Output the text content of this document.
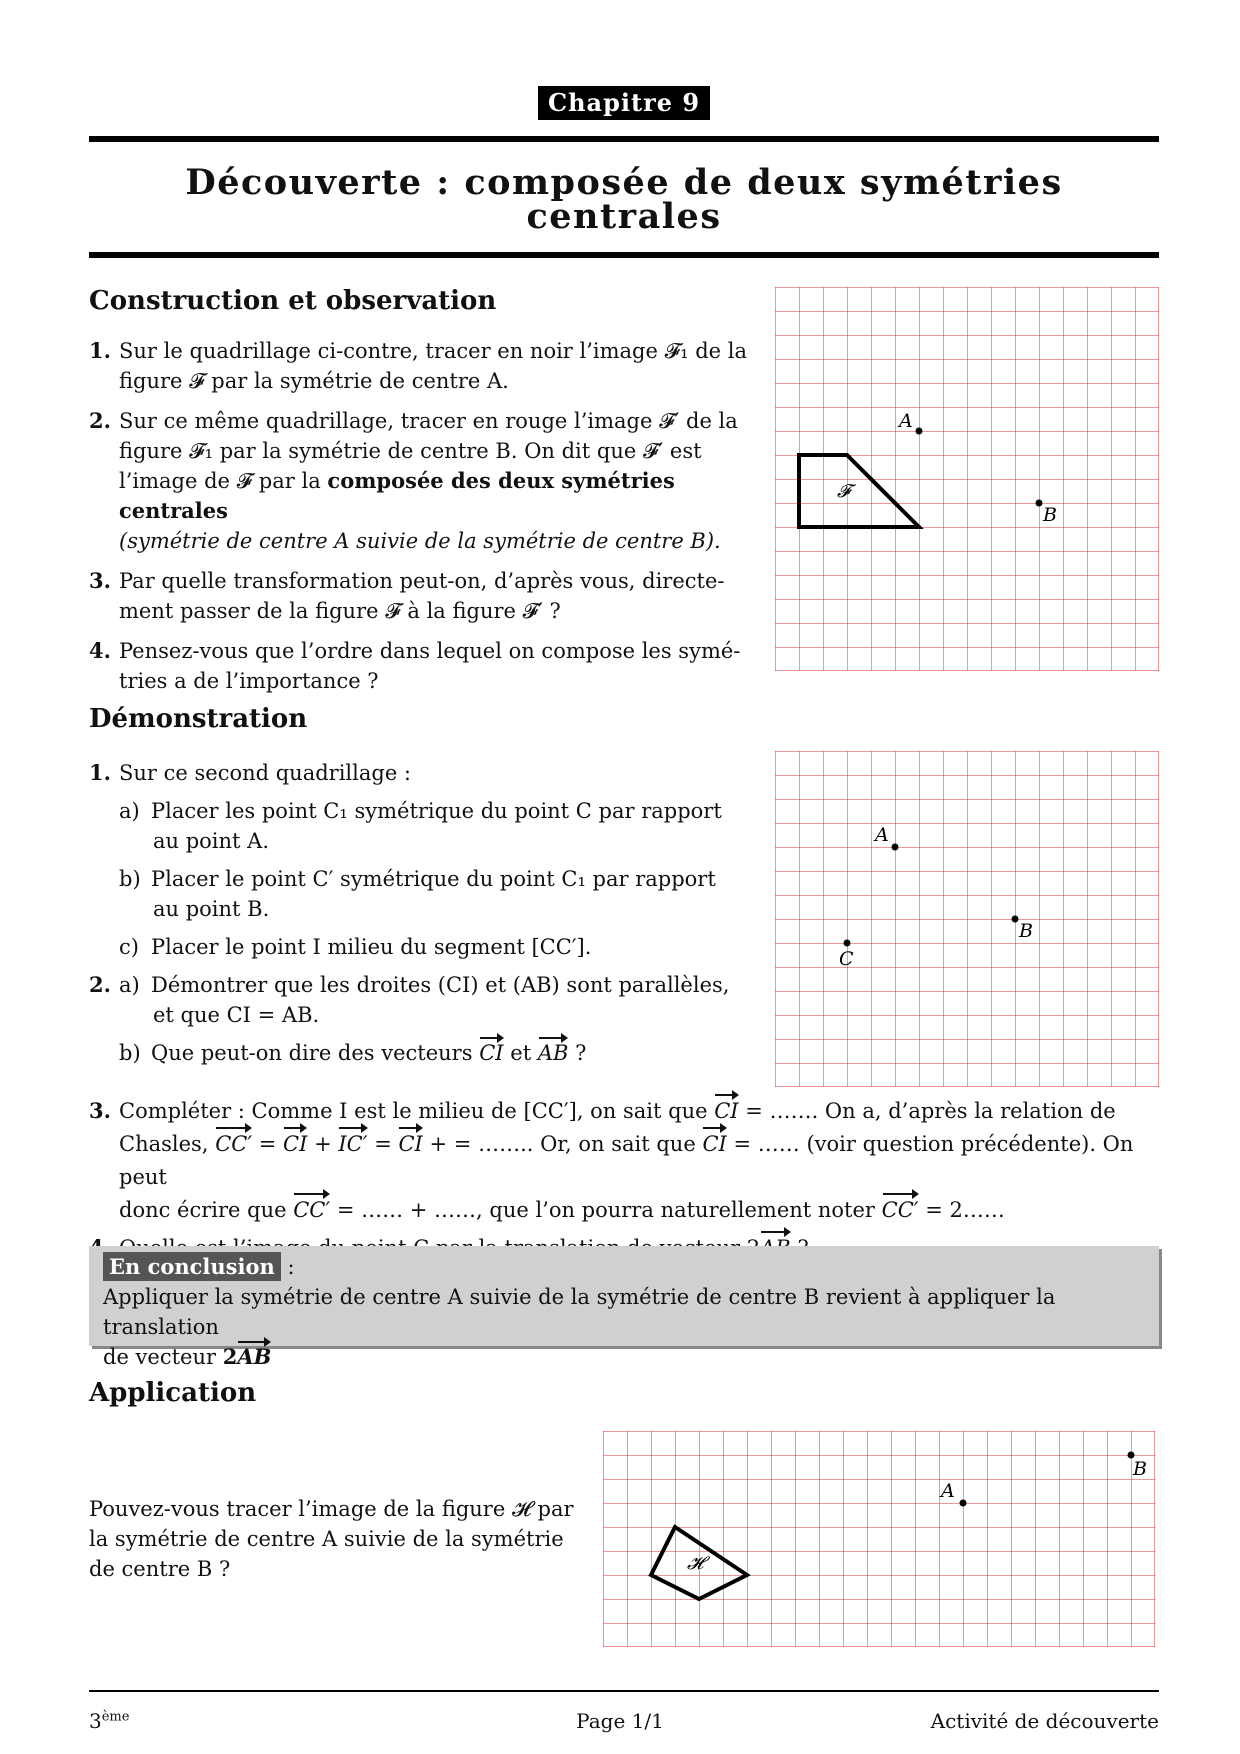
Chapitre 9
Découverte : composée de deux symétries
centrales
Construction et observation
1. Sur le quadrillage ci-contre, tracer en noir l’image 𝓕₁ de la
figure 𝓕 par la symétrie de centre A.
2. Sur ce même quadrillage, tracer en rouge l’image 𝓕′ de la
figure 𝓕₁ par la symétrie de centre B. On dit que 𝓕′ est
l’image de 𝓕 par la composée des deux symétries centrales
(symétrie de centre A suivie de la symétrie de centre B).
3. Par quelle transformation peut-on, d’après vous, directe-
ment passer de la figure 𝓕 à la figure 𝓕′ ?
4. Pensez-vous que l’ordre dans lequel on compose les symé-
tries a de l’importance ?
𝓕
A
B
Démonstration
1. Sur ce second quadrillage :
a) Placer les point C₁ symétrique du point C par rapport
au point A.
b) Placer le point C′ symétrique du point C₁ par rapport
au point B.
c) Placer le point I milieu du segment [CC′].
2. a) Démontrer que les droites (CI) et (AB) sont parallèles,
et que CI = AB.
b) Que peut-on dire des vecteurs CI et AB ?
A
B
C
3. Compléter : Comme I est le milieu de [CC′], on sait que CI = ……. On a, d’après la relation de
Chasles, CC′ = CI + IC′ = CI + = …….. Or, on sait que CI = …… (voir question précédente). On peut
donc écrire que CC′ = …… + ……, que l’on pourra naturellement noter CC′ = 2……
En conclusion :
Appliquer la symétrie de centre A suivie de la symétrie de centre B revient à appliquer la translation
de vecteur 2AB
Application
Pouvez-vous tracer l’image de la figure 𝓗 par
la symétrie de centre A suivie de la symétrie
de centre B ?	𝓗
A
B
3ème	Page 1/1	Activité de découverte
